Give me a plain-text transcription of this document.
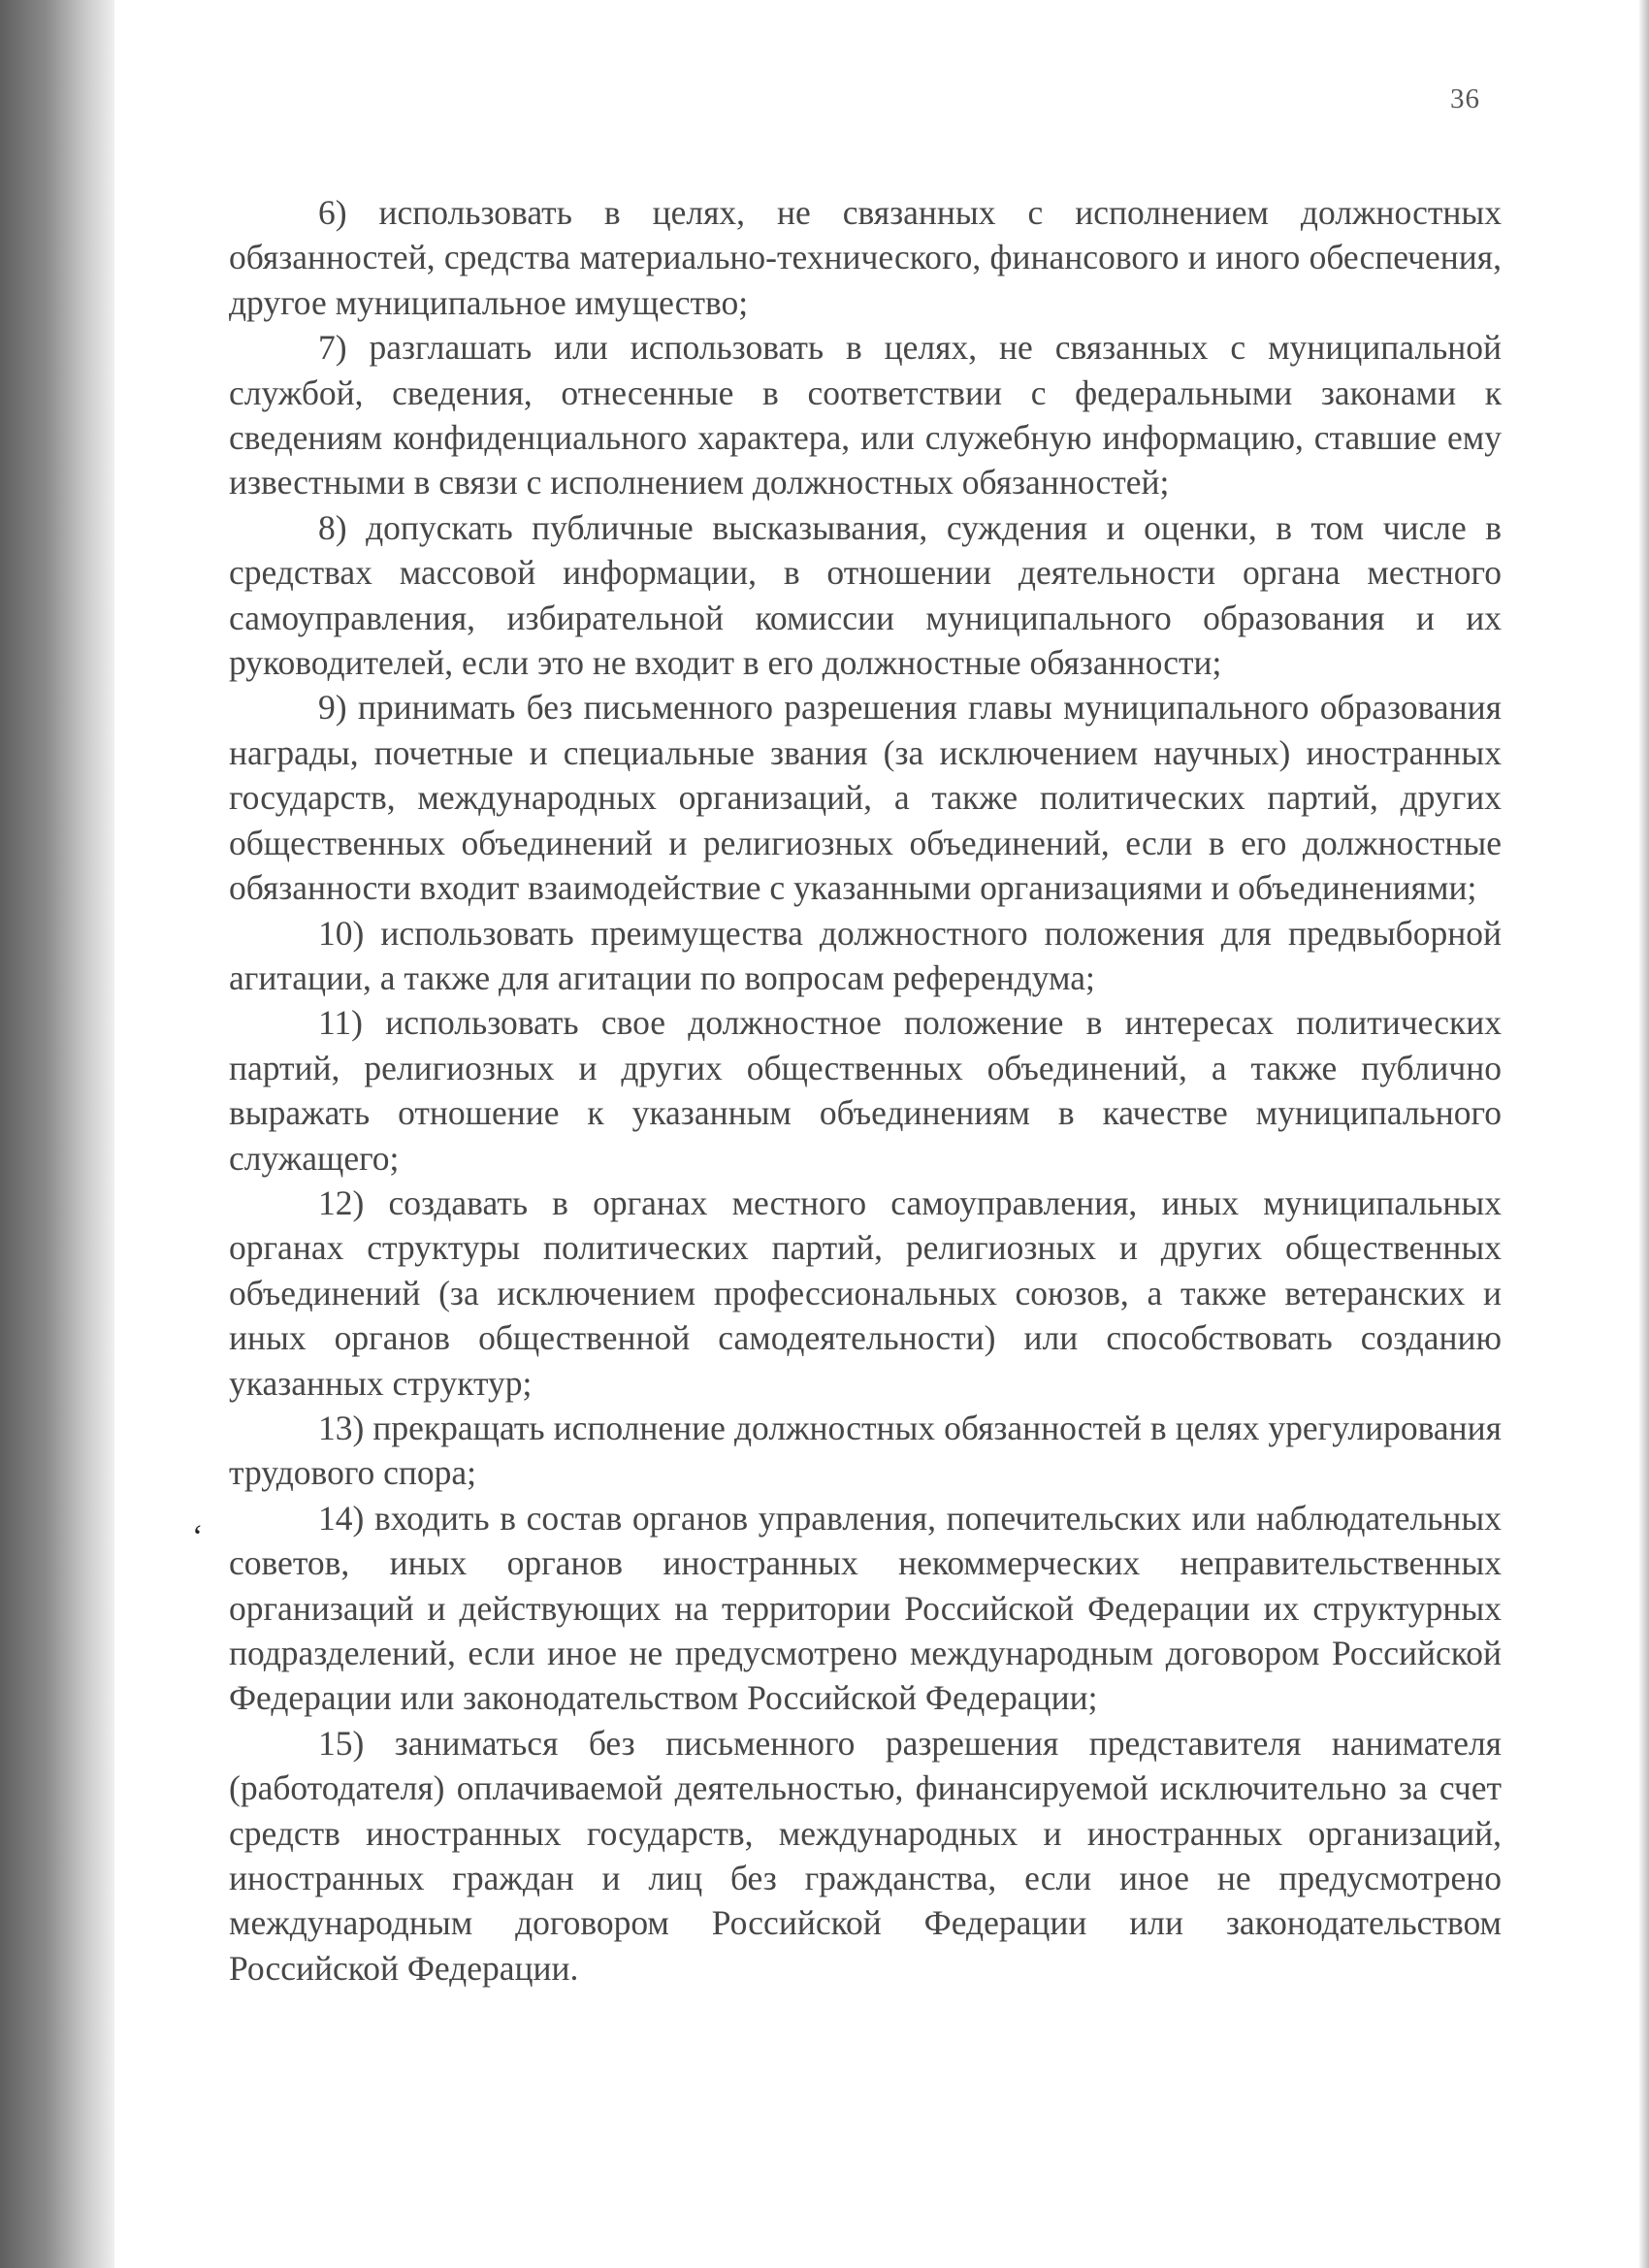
36
‘

6) использовать в целях, не связанных с исполнением должностных обязанностей, средства материально-технического, финансового и иного обеспечения, другое муниципальное имущество;

7) разглашать или использовать в целях, не связанных с муниципальной службой, сведения, отнесенные в соответствии с федеральными законами к сведениям конфиденциального характера, или служебную информацию, ставшие ему известными в связи с исполнением должностных обязанностей;

8) допускать публичные высказывания, суждения и оценки, в том числе в средствах массовой информации, в отношении деятельности органа местного самоуправления, избирательной комиссии муниципального образования и их руководителей, если это не входит в его должностные обязанности;

9) принимать без письменного разрешения главы муниципального образования награды, почетные и специальные звания (за исключением научных) иностранных государств, международных организаций, а также политических партий, других общественных объединений и религиозных объединений, если в его должностные обязанности входит взаимодействие с указанными организациями и объединениями;

10) использовать преимущества должностного положения для предвыборной агитации, а также для агитации по вопросам референдума;

11) использовать свое должностное положение в интересах политических партий, религиозных и других общественных объединений, а также публично выражать отношение к указанным объединениям в качестве муниципального служащего;

12) создавать в органах местного самоуправления, иных муниципальных органах структуры политических партий, религиозных и других общественных объединений (за исключением профессиональных союзов, а также ветеранских и иных органов общественной самодеятельности) или способствовать созданию указанных структур;

13) прекращать исполнение должностных обязанностей в целях урегулирования трудового спора;

14) входить в состав органов управления, попечительских или наблюдательных советов, иных органов иностранных некоммерческих неправительственных организаций и действующих на территории Российской Федерации их структурных подразделений, если иное не предусмотрено международным договором Российской Федерации или законодательством Российской Федерации;

15) заниматься без письменного разрешения представителя нанимателя (работодателя) оплачиваемой деятельностью, финансируемой исключительно за счет средств иностранных государств, международных и иностранных организаций, иностранных граждан и лиц без гражданства, если иное не предусмотрено международным договором Российской Федерации или законодательством Российской Федерации.
